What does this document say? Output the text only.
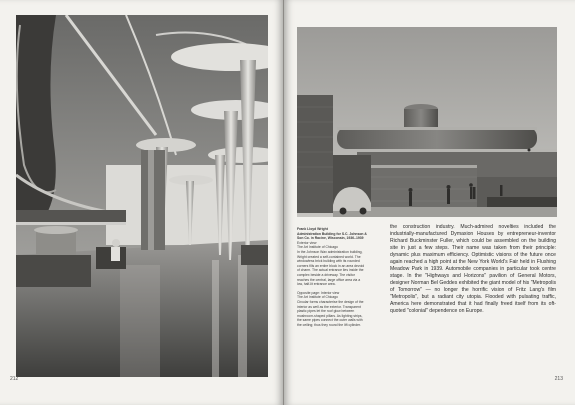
212
Frank Lloyd Wright
Administration Building for S.C. Johnson &
Son Co. in Racine, Wisconsin, 1936–1939
Exterior view
The Art Institute of Chicago
In the Johnson Wax administration building,
Wright created a self-contained world. The
windowless brick building with its rounded
corners fills an entire block in an area devoid
of charm. The actual entrance lies inside the
complex beside a driveway. The visitor
reaches the central, large office area via a
low, half-lit entrance area.
Opposite page: Interior view
The Art Institute of Chicago
Circular forms characterise the design of the
interior as well as the exterior. Transparent
plastic pipes let the roof glow between
mushroom-shaped pillars. As lighting strips,
the same pipes connect the outer walls with
the ceiling; thus they round the lift cylinder.
the construction industry. Much-admired novelties included the industrially-manufactured Dymaxion Houses by entrepreneur-inventor Richard Buckminster Fuller, which could be assembled on the building site in just a few steps. Their name was taken from their principle: dynamic plus maximum efficiency. Optimistic visions of the future once again reached a high point at the New York World's Fair held in Flushing Meadow Park in 1939. Automobile companies in particular took centre stage. In the "Highways and Horizons" pavilion of General Motors, designer Norman Bel Geddes exhibited the giant model of his "Metropolis of Tomorrow" — no longer the horrific vision of Fritz Lang's film "Metropolis", but a radiant city utopia. Flooded with pulsating traffic, America here demonstrated that it had finally freed itself from its oft-quoted "colonial" dependence on Europe.
213
